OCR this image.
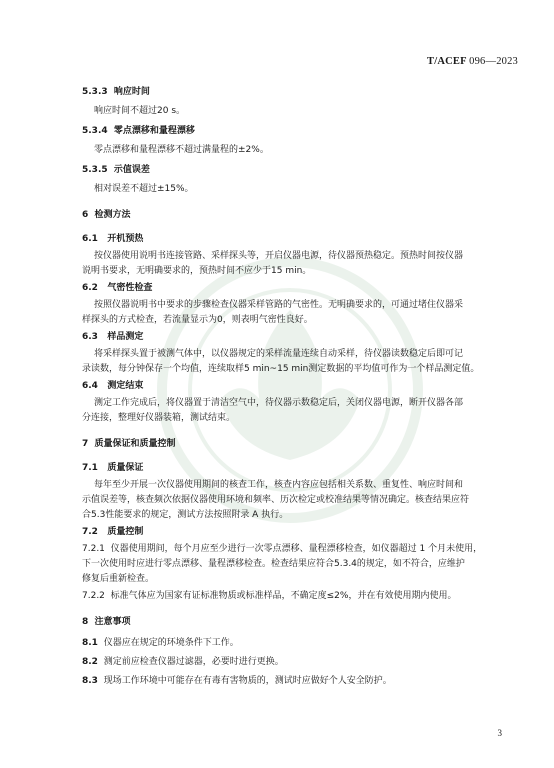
T/ACEF 096—2023
5.3.3 响应时间
响应时间不超过20 s。
5.3.4 零点漂移和量程漂移
零点漂移和量程漂移不超过满量程的±2%。
5.3.5 示值误差
相对误差不超过±15%。
6 检测方法
6.1 开机预热
按仪器使用说明书连接管路、采样探头等，开启仪器电源，待仪器预热稳定。预热时间按仪器
说明书要求，无明确要求的，预热时间不应少于15 min。
6.2 气密性检查
按照仪器说明书中要求的步骤检查仪器采样管路的气密性。无明确要求的，可通过堵住仪器采
样探头的方式检查，若流量显示为0，则表明气密性良好。
6.3 样品测定
将采样探头置于被测气体中，以仪器规定的采样流量连续自动采样，待仪器读数稳定后即可记
录读数，每分钟保存一个均值，连续取样5 min~15 min测定数据的平均值可作为一个样品测定值。
6.4 测定结束
测定工作完成后，将仪器置于清洁空气中，待仪器示数稳定后，关闭仪器电源，断开仪器各部
分连接，整理好仪器装箱，测试结束。
7 质量保证和质量控制
7.1 质量保证
每年至少开展一次仪器使用期间的核查工作，核查内容应包括相关系数、重复性、响应时间和
示值误差等，核查频次依据仪器使用环境和频率、历次检定或校准结果等情况确定。核查结果应符
合5.3性能要求的规定，测试方法按照附录 A 执行。
7.2 质量控制
7.2.1 仪器使用期间，每个月应至少进行一次零点漂移、量程漂移检查，如仪器超过 1 个月未使用，
下一次使用时应进行零点漂移、量程漂移检查。检查结果应符合5.3.4的规定，如不符合，应维护
修复后重新检查。
7.2.2 标准气体应为国家有证标准物质或标准样品，不确定度≤2%，并在有效使用期内使用。
8 注意事项
8.1 仪器应在规定的环境条件下工作。
8.2 测定前应检查仪器过滤器，必要时进行更换。
8.3 现场工作环境中可能存在有毒有害物质的，测试时应做好个人安全防护。
3
